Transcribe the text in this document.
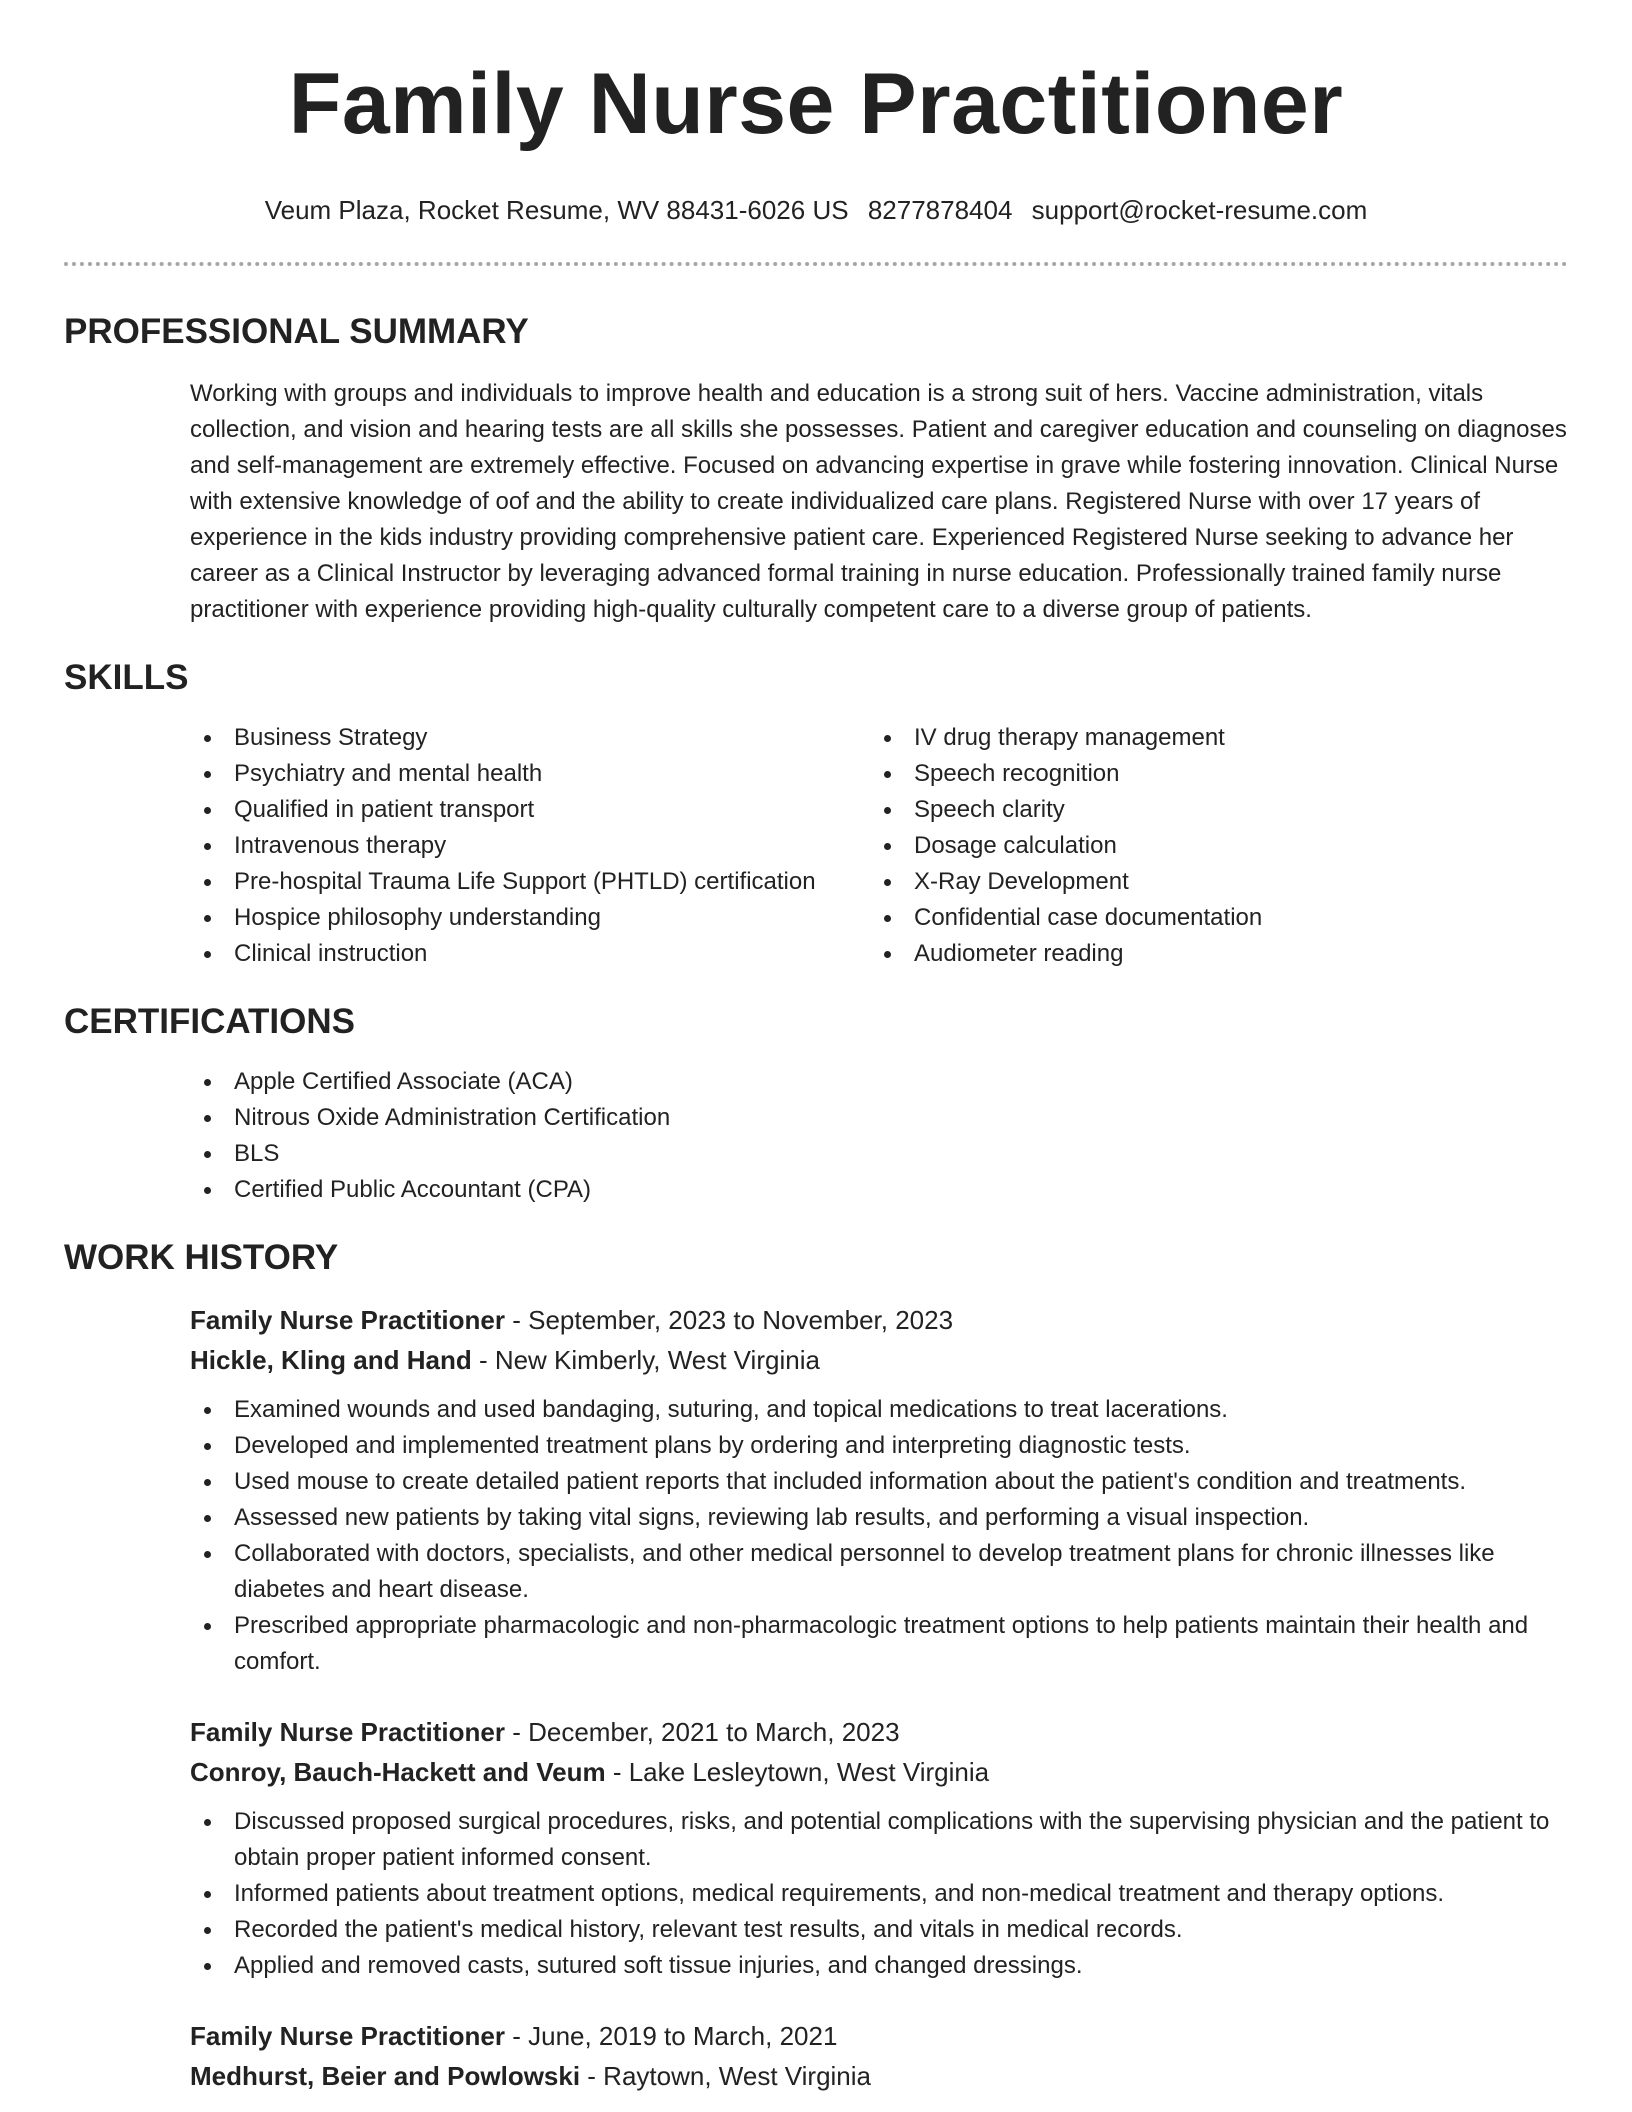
Family Nurse Practitioner
Veum Plaza, Rocket Resume, WV 88431-6026 US 8277878404 support@rocket-resume.com
PROFESSIONAL SUMMARY

Working with groups and individuals to improve health and education is a strong suit of hers. Vaccine administration, vitals collection, and vision and hearing tests are all skills she possesses. Patient and caregiver education and counseling on diagnoses and self-management are extremely effective. Focused on advancing expertise in grave while fostering innovation. Clinical Nurse with extensive knowledge of oof and the ability to create individualized care plans. Registered Nurse with over 17 years of experience in the kids industry providing comprehensive patient care. Experienced Registered Nurse seeking to advance her career as a Clinical Instructor by leveraging advanced formal training in nurse education. Professionally trained family nurse practitioner with experience providing high-quality culturally competent care to a diverse group of patients.

SKILLS
Business Strategy
Psychiatry and mental health
Qualified in patient transport
Intravenous therapy
Pre-hospital Trauma Life Support (PHTLD) certification
Hospice philosophy understanding
Clinical instruction
IV drug therapy management
Speech recognition
Speech clarity
Dosage calculation
X-Ray Development
Confidential case documentation
Audiometer reading
CERTIFICATIONS
Apple Certified Associate (ACA)
Nitrous Oxide Administration Certification
BLS
Certified Public Accountant (CPA)
WORK HISTORY
Family Nurse Practitioner - September, 2023 to November, 2023
Hickle, Kling and Hand - New Kimberly, West Virginia
Examined wounds and used bandaging, suturing, and topical medications to treat lacerations.
Developed and implemented treatment plans by ordering and interpreting diagnostic tests.
Used mouse to create detailed patient reports that included information about the patient's condition and treatments.
Assessed new patients by taking vital signs, reviewing lab results, and performing a visual inspection.
Collaborated with doctors, specialists, and other medical personnel to develop treatment plans for chronic illnesses like diabetes and heart disease.
Prescribed appropriate pharmacologic and non-pharmacologic treatment options to help patients maintain their health and comfort.
Family Nurse Practitioner - December, 2021 to March, 2023
Conroy, Bauch-Hackett and Veum - Lake Lesleytown, West Virginia
Discussed proposed surgical procedures, risks, and potential complications with the supervising physician and the patient to obtain proper patient informed consent.
Informed patients about treatment options, medical requirements, and non-medical treatment and therapy options.
Recorded the patient's medical history, relevant test results, and vitals in medical records.
Applied and removed casts, sutured soft tissue injuries, and changed dressings.
Family Nurse Practitioner - June, 2019 to March, 2021
Medhurst, Beier and Powlowski - Raytown, West Virginia
